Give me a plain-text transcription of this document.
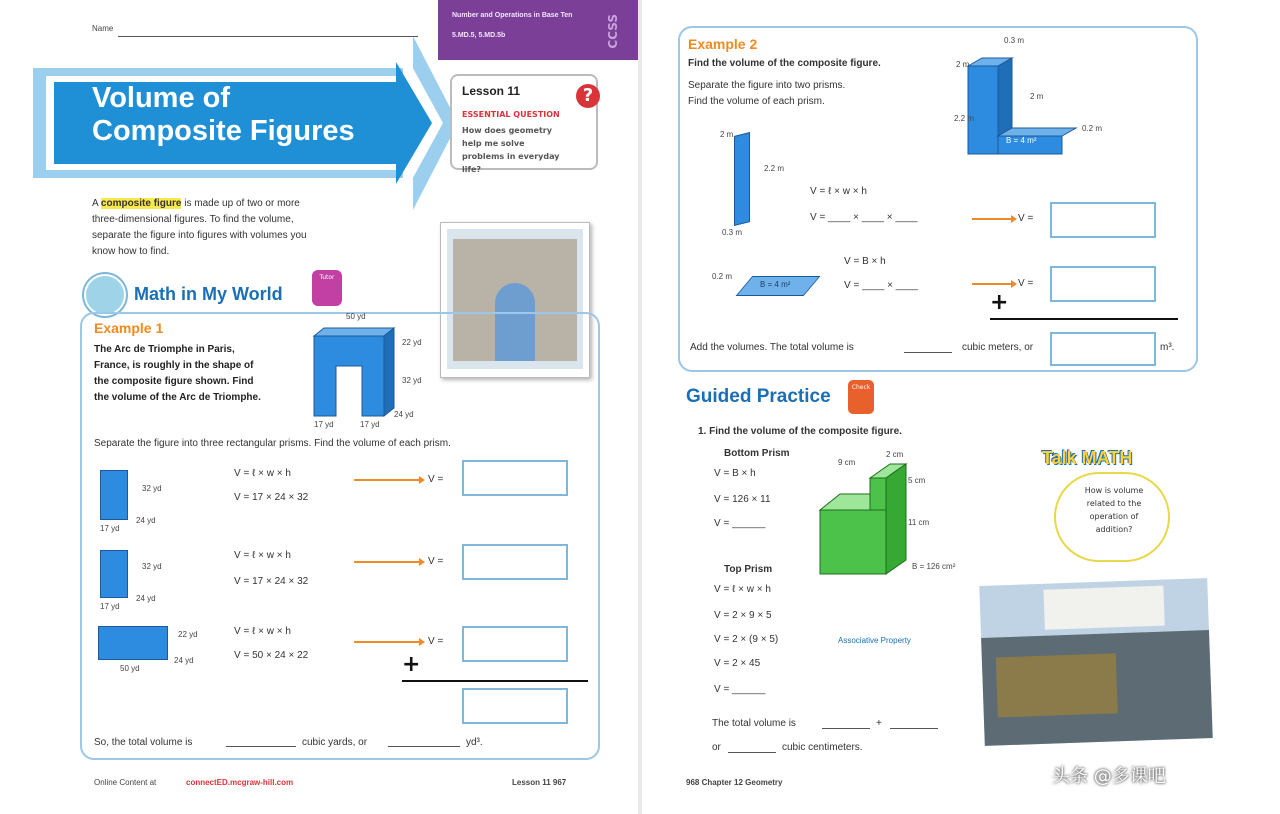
Name
Volume of
Composite Figures
Number and Operations in Base Ten
5.MD.5, 5.MD.5b	CCSS
Lesson 11
ESSENTIAL QUESTION
How does geometry help me solve problems in everyday life?
?
A composite figure is made up of two or more
three-dimensional figures. To find the volume,
separate the figure into figures with volumes you
know how to find.
Math in My World
Tutor
Example 1
The Arc de Triomphe in Paris,
France, is roughly in the shape of
the composite figure shown. Find
the volume of the Arc de Triomphe.
50 yd
22 yd
32 yd
17 yd	17 yd
24 yd
Separate the figure into three rectangular prisms. Find the volume of each prism.
32 yd
24 yd
17 yd
V = ℓ × w × h
V = 17 × 24 × 32
V =
32 yd
24 yd
17 yd
V = ℓ × w × h
V = 17 × 24 × 32
V =
22 yd
24 yd
50 yd
V = ℓ × w × h
V = 50 × 24 × 22
V =
+
So, the total volume is	cubic yards, or	yd³.
Online Content at	connectED.mcgraw-hill.com	Lesson 11 967
Example 2
Find the volume of the composite figure.
Separate the figure into two prisms.
Find the volume of each prism.
0.3 m
2 m
2 m
2.2 m
0.2 m
B = 4 m²
2 m
2.2 m
0.3 m
V = ℓ × w × h
V = ____ × ____ × ____	V =
B = 4 m²
0.2 m
V = B × h
V = ____ × ____	V =
+
Add the volumes. The total volume is	cubic meters, or	m³.
Guided Practice	Check
1. Find the volume of the composite figure.
Bottom Prism
V = B × h
V = 126 × 11
V = ______
Top Prism
V = ℓ × w × h
V = 2 × 9 × 5
V = 2 × (9 × 5)	Associative Property
V = 2 × 45
V = ______
9 cm
2 cm
5 cm
11 cm
B = 126 cm²
The total volume is	+
or	cubic centimeters.
Talk MATH
How is volume related to the operation of addition?
968 Chapter 12 Geometry	头条 @多课吧
